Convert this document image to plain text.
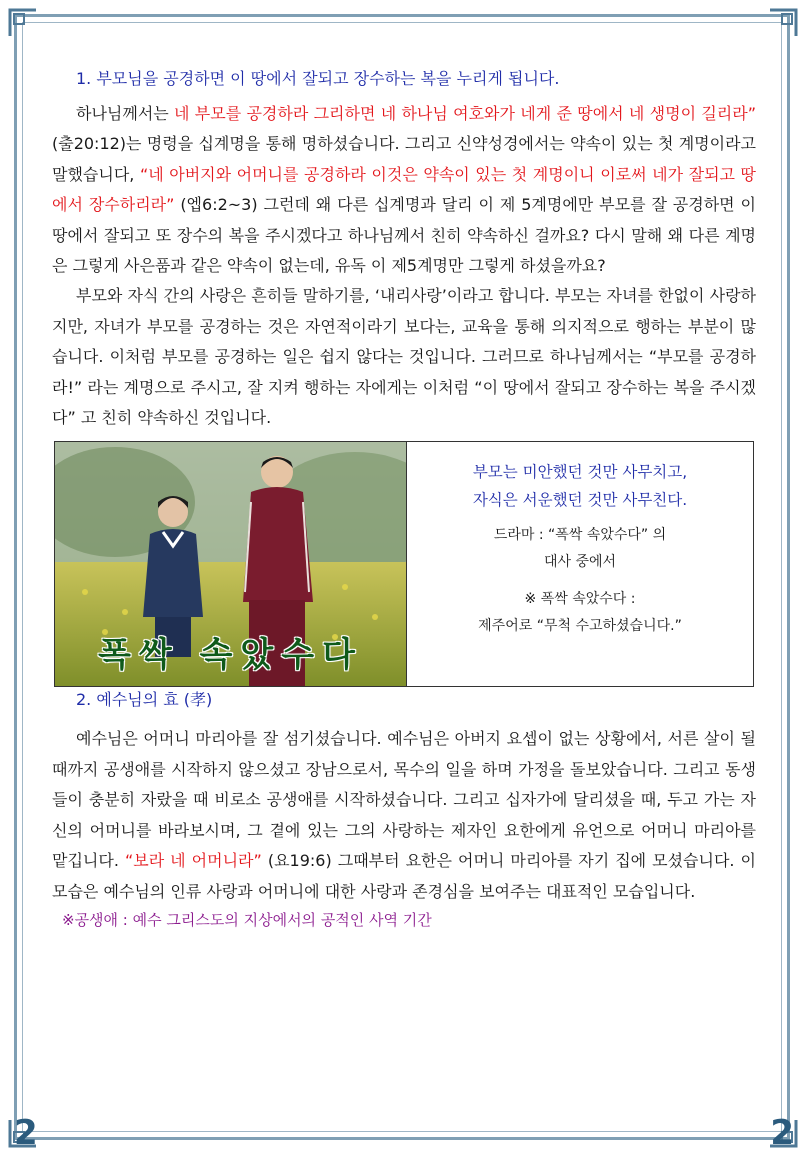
2	2
1. 부모님을 공경하면 이 땅에서 잘되고 장수하는 복을 누리게 됩니다.

하나님께서는 네 부모를 공경하라 그리하면 네 하나님 여호와가 네게 준 땅에서 네 생명이 길리라” (출20:12)는 명령을 십계명을 통해 명하셨습니다. 그리고 신약성경에서는 약속이 있는 첫 계명이라고 말했습니다, “네 아버지와 어머니를 공경하라 이것은 약속이 있는 첫 계명이니 이로써 네가 잘되고 땅에서 장수하리라” (엡6:2~3) 그런데 왜 다른 십계명과 달리 이 제 5계명에만 부모를 잘 공경하면 이 땅에서 잘되고 또 장수의 복을 주시겠다고 하나님께서 친히 약속하신 걸까요? 다시 말해 왜 다른 계명은 그렇게 사은품과 같은 약속이 없는데, 유독 이 제5계명만 그렇게 하셨을까요?

부모와 자식 간의 사랑은 흔히들 말하기를, ‘내리사랑’이라고 합니다. 부모는 자녀를 한없이 사랑하지만, 자녀가 부모를 공경하는 것은 자연적이라기 보다는, 교육을 통해 의지적으로 행하는 부분이 많습니다. 이처럼 부모를 공경하는 일은 쉽지 않다는 것입니다. 그러므로 하나님께서는 “부모를 공경하라!” 라는 계명으로 주시고, 잘 지켜 행하는 자에게는 이처럼 “이 땅에서 잘되고 장수하는 복을 주시겠다” 고 친히 약속하신 것입니다.

폭싹 속았수다
부모는 미안했던 것만 사무치고,
자식은 서운했던 것만 사무친다.
드라마 : “폭싹 속았수다” 의
대사 중에서
※ 폭싹 속았수다 :
제주어로 “무척 수고하셨습니다.”
2. 예수님의 효 (孝)

예수님은 어머니 마리아를 잘 섬기셨습니다. 예수님은 아버지 요셉이 없는 상황에서, 서른 살이 될 때까지 공생애를 시작하지 않으셨고 장남으로서, 목수의 일을 하며 가정을 돌보았습니다. 그리고 동생들이 충분히 자랐을 때 비로소 공생애를 시작하셨습니다. 그리고 십자가에 달리셨을 때, 두고 가는 자신의 어머니를 바라보시며, 그 곁에 있는 그의 사랑하는 제자인 요한에게 유언으로 어머니 마리아를 맡깁니다. “보라 네 어머니라” (요19:6) 그때부터 요한은 어머니 마리아를 자기 집에 모셨습니다. 이 모습은 예수님의 인류 사랑과 어머니에 대한 사랑과 존경심을 보여주는 대표적인 모습입니다.

※공생애 : 예수 그리스도의 지상에서의 공적인 사역 기간
